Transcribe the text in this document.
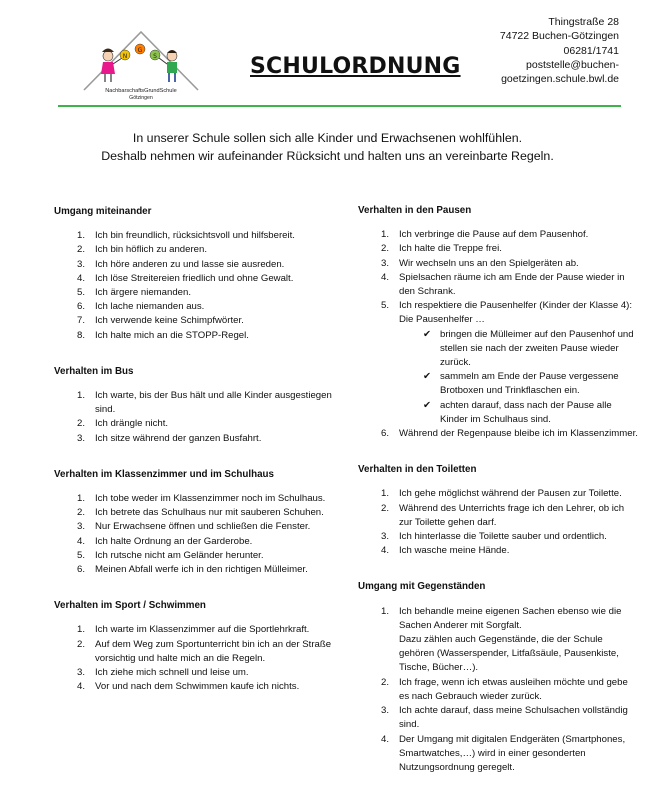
N
G
S
NachbarschaftsGrundSchule
Götzingen
SCHULORDNUNG
Thingstraße 28
74722 Buchen-Götzingen
06281/1741
poststelle@buchen-
goetzingen.schule.bwl.de
In unserer Schule sollen sich alle Kinder und Erwachsenen wohlfühlen.
Deshalb nehmen wir aufeinander Rücksicht und halten uns an vereinbarte Regeln.
Umgang miteinander
1. Ich bin freundlich, rücksichtsvoll und hilfsbereit.
2. Ich bin höflich zu anderen.
3. Ich höre anderen zu und lasse sie ausreden.
4. Ich löse Streitereien friedlich und ohne Gewalt.
5. Ich ärgere niemanden.
6. Ich lache niemanden aus.
7. Ich verwende keine Schimpfwörter.
8. Ich halte mich an die STOPP-Regel.
Verhalten im Bus
1. Ich warte, bis der Bus hält und alle Kinder ausgestiegen sind.
2. Ich drängle nicht.
3. Ich sitze während der ganzen Busfahrt.
Verhalten im Klassenzimmer und im Schulhaus
1. Ich tobe weder im Klassenzimmer noch im Schulhaus.
2. Ich betrete das Schulhaus nur mit sauberen Schuhen.
3. Nur Erwachsene öffnen und schließen die Fenster.
4. Ich halte Ordnung an der Garderobe.
5. Ich rutsche nicht am Geländer herunter.
6. Meinen Abfall werfe ich in den richtigen Mülleimer.
Verhalten im Sport / Schwimmen
1. Ich warte im Klassenzimmer auf die Sportlehrkraft.
2. Auf dem Weg zum Sportunterricht bin ich an der Straße vorsichtig und halte mich an die Regeln.
3. Ich ziehe mich schnell und leise um.
4. Vor und nach dem Schwimmen kaufe ich nichts.
Verhalten in den Pausen
1. Ich verbringe die Pause auf dem Pausenhof.
2. Ich halte die Treppe frei.
3. Wir wechseln uns an den Spielgeräten ab.
4. Spielsachen räume ich am Ende der Pause wieder in den Schrank.
5. Ich respektiere die Pausenhelfer (Kinder der Klasse 4): Die Pausenhelfer …
✔ bringen die Mülleimer auf den Pausenhof und
stellen sie nach der zweiten Pause wieder zurück.
✔ sammeln am Ende der Pause vergessene Brotboxen und Trinkflaschen ein.
✔ achten darauf, dass nach der Pause alle Kinder im Schulhaus sind.
6. Während der Regenpause bleibe ich im Klassenzimmer.
Verhalten in den Toiletten
1. Ich gehe möglichst während der Pausen zur Toilette.
2. Während des Unterrichts frage ich den Lehrer, ob ich zur Toilette gehen darf.
3. Ich hinterlasse die Toilette sauber und ordentlich.
4. Ich wasche meine Hände.
Umgang mit Gegenständen
1. Ich behandle meine eigenen Sachen ebenso wie die Sachen Anderer mit Sorgfalt.
Dazu zählen auch Gegenstände, die der Schule gehören (Wasserspender, Litfaßsäule, Pausenkiste, Tische, Bücher…).
2. Ich frage, wenn ich etwas ausleihen möchte und gebe es nach Gebrauch wieder zurück.
3. Ich achte darauf, dass meine Schulsachen vollständig sind.
4. Der Umgang mit digitalen Endgeräten (Smartphones, Smartwatches,…) wird in einer gesonderten Nutzungsordnung geregelt.
